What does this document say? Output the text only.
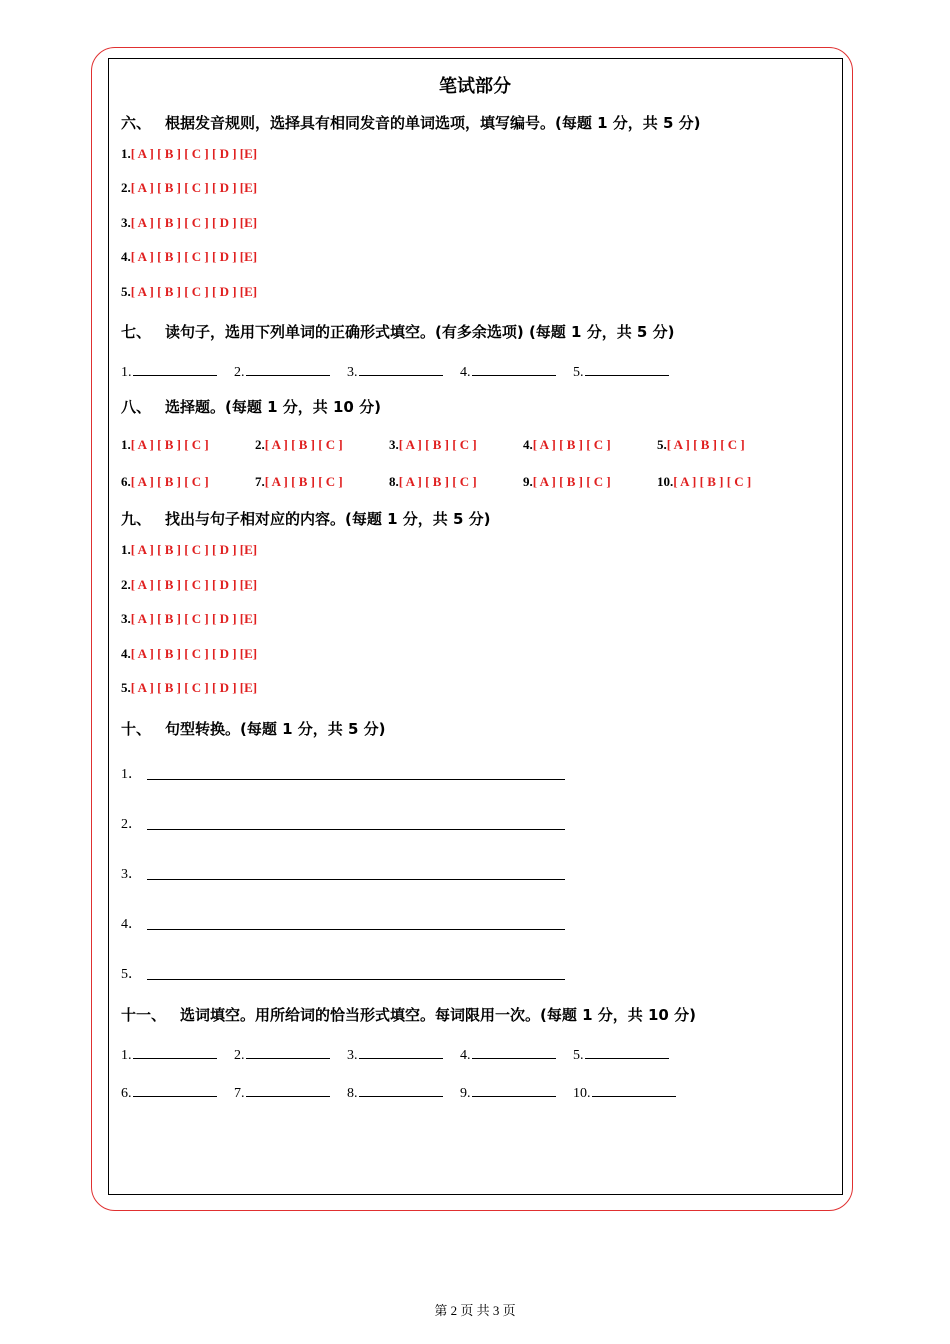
笔试部分
六、 根据发音规则，选择具有相同发音的单词选项，填写编号。(每题 1 分，共 5 分)
1.[ A ] [ B ] [ C ] [ D ] [E]
2.[ A ] [ B ] [ C ] [ D ] [E]
3.[ A ] [ B ] [ C ] [ D ] [E]
4.[ A ] [ B ] [ C ] [ D ] [E]
5.[ A ] [ B ] [ C ] [ D ] [E]
七、 读句子，选用下列单词的正确形式填空。(有多余选项) (每题 1 分，共 5 分)
1.	2.	3.	4.	5.
八、 选择题。(每题 1 分，共 10 分)
1.[ A ] [ B ] [ C ]	2.[ A ] [ B ] [ C ]	3.[ A ] [ B ] [ C ]	4.[ A ] [ B ] [ C ]	5.[ A ] [ B ] [ C ]
6.[ A ] [ B ] [ C ]	7.[ A ] [ B ] [ C ]	8.[ A ] [ B ] [ C ]	9.[ A ] [ B ] [ C ]	10.[ A ] [ B ] [ C ]
九、 找出与句子相对应的内容。(每题 1 分，共 5 分)
1.[ A ] [ B ] [ C ] [ D ] [E]
2.[ A ] [ B ] [ C ] [ D ] [E]
3.[ A ] [ B ] [ C ] [ D ] [E]
4.[ A ] [ B ] [ C ] [ D ] [E]
5.[ A ] [ B ] [ C ] [ D ] [E]
十、 句型转换。(每题 1 分，共 5 分)
1．
2．
3．
4．
5．
十一、 选词填空。用所给词的恰当形式填空。每词限用一次。(每题 1 分，共 10 分)
1.	2.	3.	4.	5.
6.	7.	8.	9.	10.
第 2 页 共 3 页
